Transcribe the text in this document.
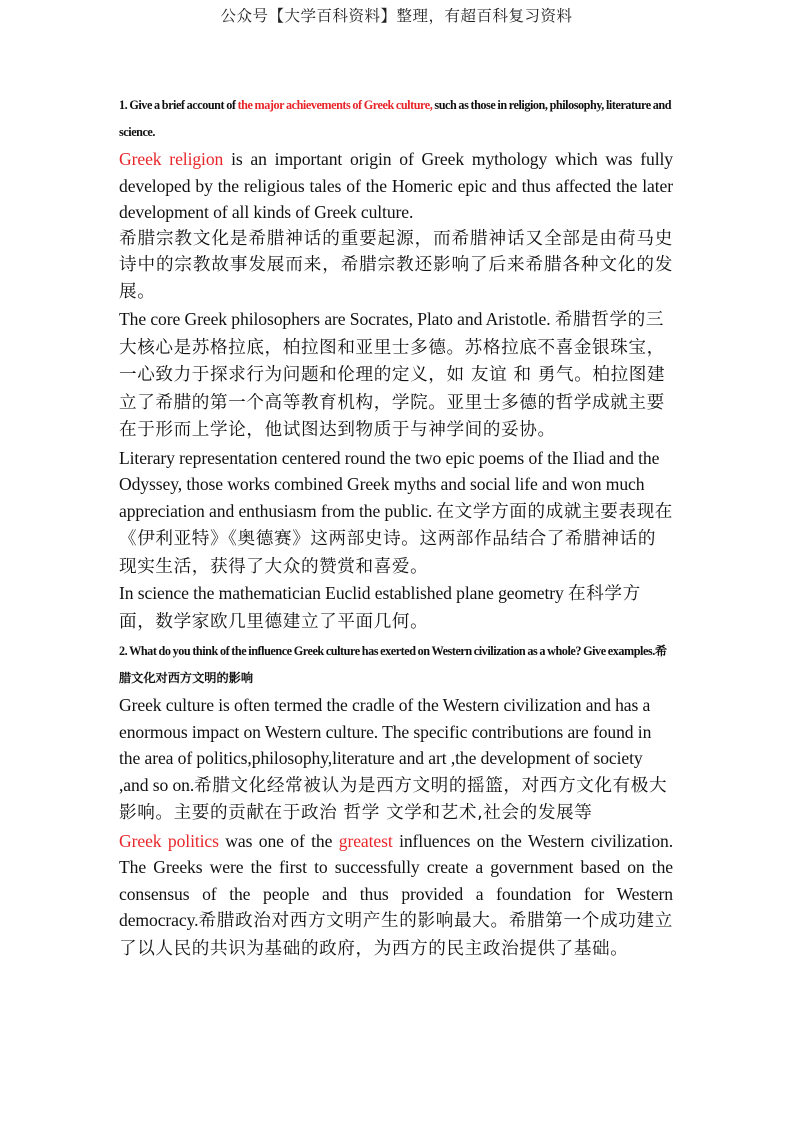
公众号【大学百科资料】整理，有超百科复习资料

1. Give a brief account of the major achievements of Greek culture, such as those in religion, philosophy, literature and science.

Greek religion is an important origin of Greek mythology which was fully developed by the religious tales of the Homeric epic and thus affected the later development of all kinds of Greek culture.

希腊宗教文化是希腊神话的重要起源，而希腊神话又全部是由荷马史诗中的宗教故事发展而来，希腊宗教还影响了后来希腊各种文化的发展。

The core Greek philosophers are Socrates, Plato and Aristotle. 希腊哲学的三大核心是苏格拉底，柏拉图和亚里士多德。苏格拉底不喜金银珠宝，一心致力于探求行为问题和伦理的定义，如 友谊 和 勇气。柏拉图建立了希腊的第一个高等教育机构，学院。亚里士多德的哲学成就主要在于形而上学论，他试图达到物质于与神学间的妥协。

Literary representation centered round the two epic poems of the Iliad and the Odyssey, those works combined Greek myths and social life and won much appreciation and enthusiasm from the public. 在文学方面的成就主要表现在《伊利亚特》《奥德赛》这两部史诗。这两部作品结合了希腊神话的现实生活，获得了大众的赞赏和喜爱。

In science the mathematician Euclid established plane geometry 在科学方面，数学家欧几里德建立了平面几何。

2. What do you think of the influence Greek culture has exerted on Western civilization as a whole? Give examples.希腊文化对西方文明的影响

Greek culture is often termed the cradle of the Western civilization and has a enormous impact on Western culture. The specific contributions are found in the area of politics,philosophy,literature and art ,the development of society ,and so on.希腊文化经常被认为是西方文明的摇篮，对西方文化有极大影响。主要的贡献在于政治 哲学 文学和艺术,社会的发展等

Greek politics was one of the greatest influences on the Western civilization. The Greeks were the first to successfully create a government based on the consensus of the people and thus provided a foundation for Western democracy.希腊政治对西方文明产生的影响最大。希腊第一个成功建立了以人民的共识为基础的政府，为西方的民主政治提供了基础。
